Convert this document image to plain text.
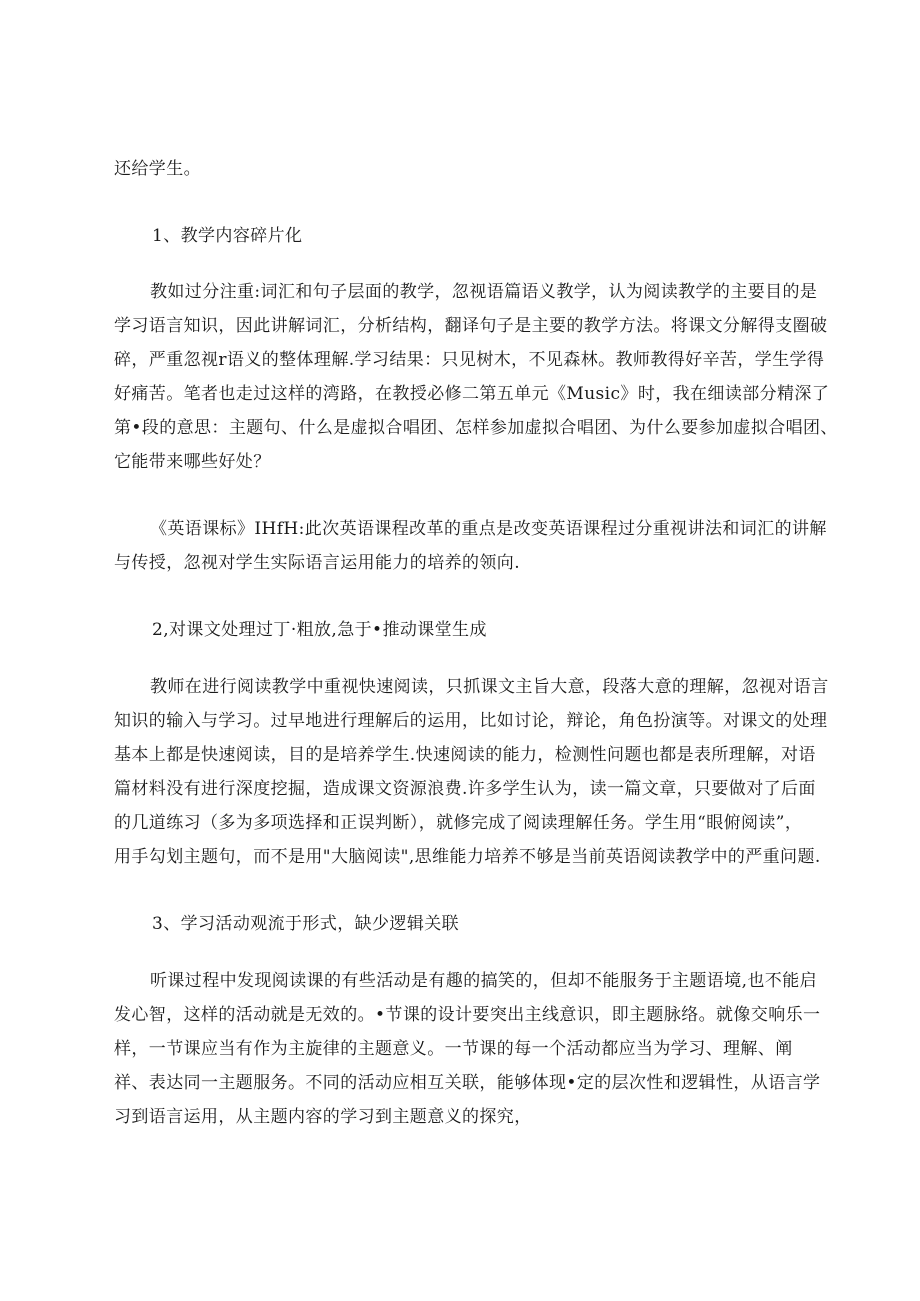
还给学生。
1、教学内容碎片化
教如过分注重:词汇和句子层面的教学，忽视语篇语义教学，认为阅读教学的主要目的是
学习语言知识，因此讲解词汇，分析结构，翻译句子是主要的教学方法。将课文分解得支圈破
碎，严重忽视r语义的整体理解.学习结果：只见树木，不见森林。教师教得好辛苦，学生学得
好痛苦。笔者也走过这样的湾路，在教授必修二第五单元《Music》时，我在细读部分精深了
第•段的意思：主题句、什么是虚拟合唱团、怎样参加虚拟合唱团、为什么要参加虚拟合唱团、
它能带来哪些好处？
《英语课标》IHfH:此次英语课程改革的重点是改变英语课程过分重视讲法和词汇的讲解
与传授，忽视对学生实际语言运用能力的培养的领向.
2,对课文处理过丁·粗放,急于•推动课堂生成
教师在进行阅读教学中重视快速阅读，只抓课文主旨大意，段落大意的理解，忽视对语言
知识的输入与学习。过早地进行理解后的运用，比如讨论，辩论，角色扮演等。对课文的处理
基本上都是快速阅读，目的是培养学生.快速阅读的能力，检测性问题也都是表所理解，对语
篇材料没有进行深度挖掘，造成课文资源浪费.许多学生认为，读一篇文章，只要做对了后面
的几道练习（多为多项选择和正误判断），就修完成了阅读理解任务。学生用“眼俯阅读”，
用手勾划主题句，而不是用"大脑阅读",思维能力培养不够是当前英语阅读教学中的严重问题.
3、学习活动观流于形式，缺少逻辑关联
听课过程中发现阅读课的有些活动是有趣的搞笑的，但却不能服务于主题语境,也不能启
发心智，这样的活动就是无效的。•节课的设计要突出主线意识，即主题脉络。就像交响乐一
样，一节课应当有作为主旋律的主题意义。一节课的每一个活动都应当为学习、理解、阐
祥、表达同一主题服务。不同的活动应相互关联，能够体现•定的层次性和逻辑性，从语言学
习到语言运用，从主题内容的学习到主题意义的探究，
